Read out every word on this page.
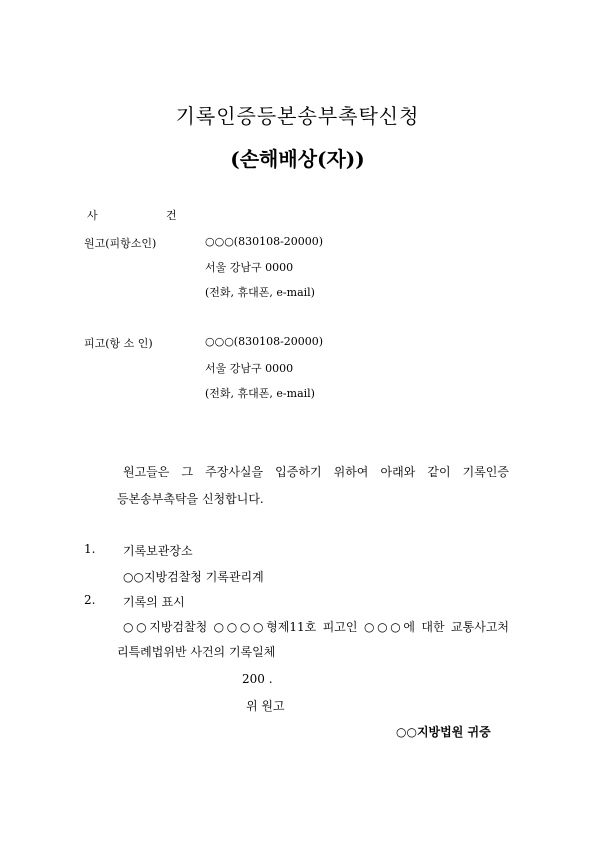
기록인증등본송부촉탁신청
(손해배상(자))
사	건
원고(피항소인)	○○○(830108-20000)
서울 강남구 0000
(전화, 휴대폰, e-mail)
피고(항 소 인)	○○○(830108-20000)
서울 강남구 0000
(전화, 휴대폰, e-mail)
원고들은 그 주장사실을 입증하기 위하여 아래와 같이 기록인증
등본송부촉탁을 신청합니다.
1. 기록보관장소
○○지방검찰청 기록관리계
2. 기록의 표시
○○지방검찰청 ○○○○형제11호 피고인 ○○○에 대한 교통사고처
리특례법위반 사건의 기록일체
200 .
위 원고
○○지방법원 귀중
